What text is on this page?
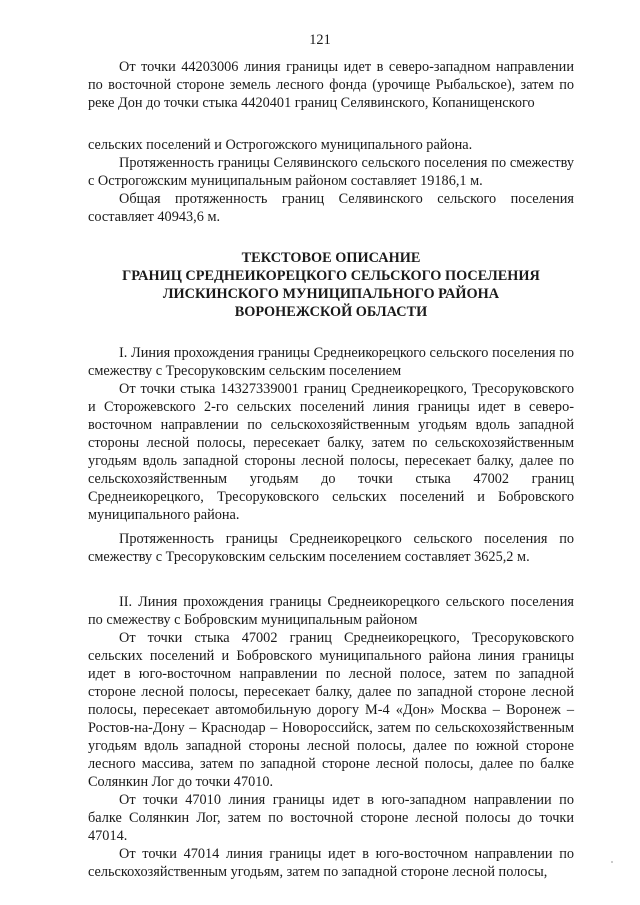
121

От точки 44203006 линия границы идет в северо-западном направлении по восточной стороне земель лесного фонда (урочище Рыбальское), затем по реке Дон до точки стыка 4420401 границ Селявинского, Копанищенского

сельских поселений и Острогожского муниципального района.

Протяженность границы Селявинского сельского поселения по смежеству с Острогожским муниципальным районом составляет 19186,1 м.

Общая протяженность границ Селявинского сельского поселения составляет 40943,6 м.

ТЕКСТОВОЕ ОПИСАНИЕ
ГРАНИЦ СРЕДНЕИКОРЕЦКОГО СЕЛЬСКОГО ПОСЕЛЕНИЯ
ЛИСКИНСКОГО МУНИЦИПАЛЬНОГО РАЙОНА
ВОРОНЕЖСКОЙ ОБЛАСТИ

I. Линия прохождения границы Среднеикорецкого сельского поселения по смежеству с Тресоруковским сельским поселением

От точки стыка 14327339001 границ Среднеикорецкого, Тресоруковского и Сторожевского 2-го сельских поселений линия границы идет в северо-восточном направлении по сельскохозяйственным угодьям вдоль западной стороны лесной полосы, пересекает балку, затем по сельскохозяйственным угодьям вдоль западной стороны лесной полосы, пересекает балку, далее по сельскохозяйственным угодьям до точки стыка 47002 границ Среднеикорецкого, Тресоруковского сельских поселений и Бобровского муниципального района.

Протяженность границы Среднеикорецкого сельского поселения по смежеству с Тресоруковским сельским поселением составляет 3625,2 м.

II. Линия прохождения границы Среднеикорецкого сельского поселения по смежеству с Бобровским муниципальным районом

От точки стыка 47002 границ Среднеикорецкого, Тресоруковского сельских поселений и Бобровского муниципального района линия границы идет в юго-восточном направлении по лесной полосе, затем по западной стороне лесной полосы, пересекает балку, далее по западной стороне лесной полосы, пересекает автомобильную дорогу М-4 «Дон» Москва – Воронеж – Ростов-на-Дону – Краснодар – Новороссийск, затем по сельскохозяйственным угодьям вдоль западной стороны лесной полосы, далее по южной стороне лесного массива, затем по западной стороне лесной полосы, далее по балке Солянкин Лог до точки 47010.

От точки 47010 линия границы идет в юго-западном направлении по балке Солянкин Лог, затем по восточной стороне лесной полосы до точки 47014.

От точки 47014 линия границы идет в юго-восточном направлении по сельскохозяйственным угодьям, затем по западной стороне лесной полосы,
